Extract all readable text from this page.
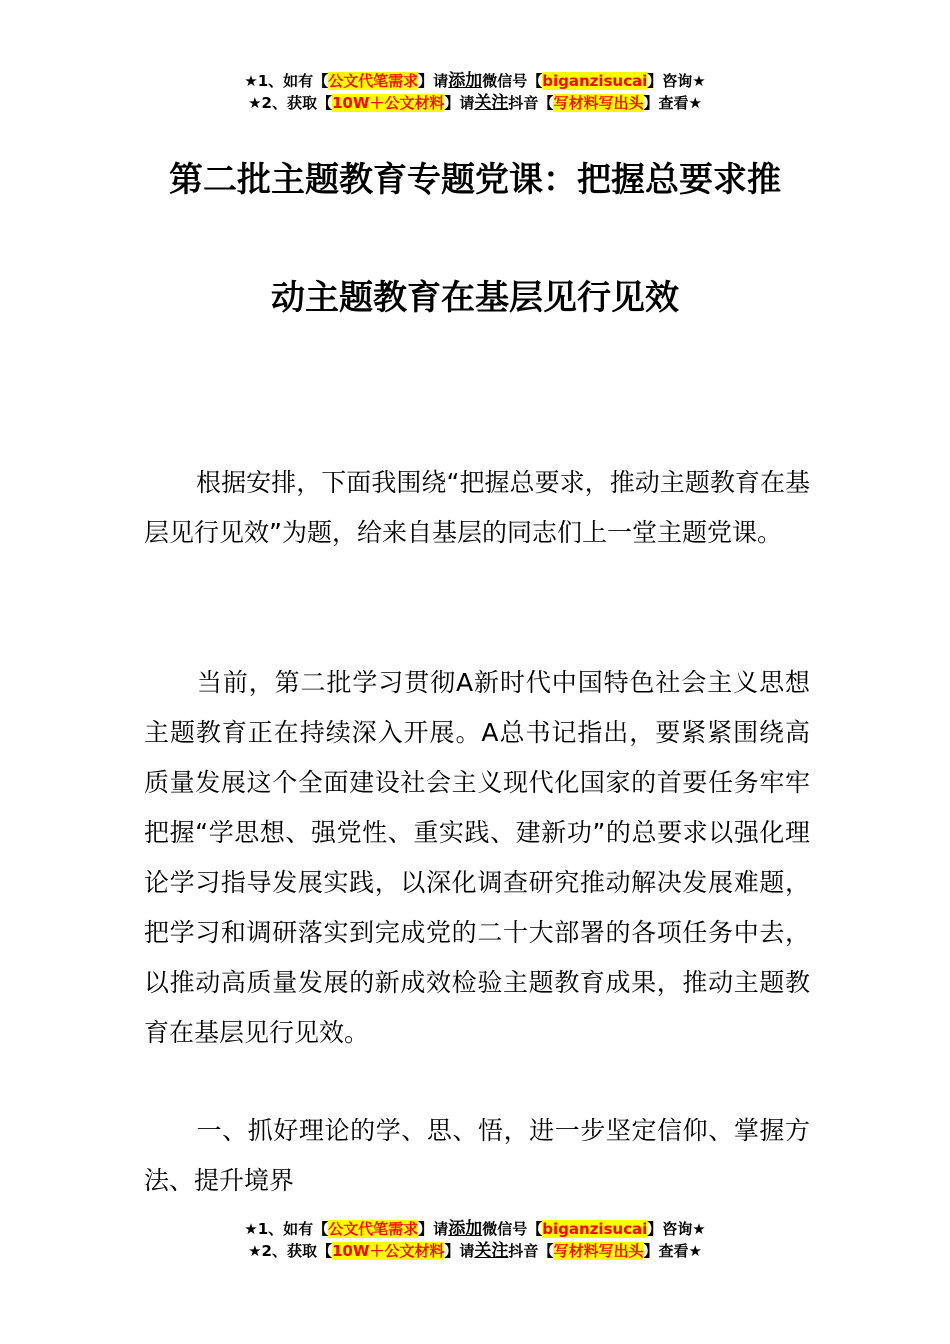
★1、如有【公文代笔需求】请添加微信号【biganzisucai】咨询★
★2、获取【10W＋公文材料】请关注抖音【写材料写出头】查看★
第二批主题教育专题党课：把握总要求推
动主题教育在基层见行见效
根据安排，下面我围绕“把握总要求，推动主题教育在基层见行见效”为题，给来自基层的同志们上一堂主题党课。
当前，第二批学习贯彻A新时代中国特色社会主义思想主题教育正在持续深入开展。A总书记指出，要紧紧围绕高质量发展这个全面建设社会主义现代化国家的首要任务牢牢把握“学思想、强党性、重实践、建新功”的总要求以强化理论学习指导发展实践，以深化调查研究推动解决发展难题，把学习和调研落实到完成党的二十大部署的各项任务中去，以推动高质量发展的新成效检验主题教育成果，推动主题教育在基层见行见效。
一、抓好理论的学、思、悟，进一步坚定信仰、掌握方法、提升境界
★1、如有【公文代笔需求】请添加微信号【biganzisucai】咨询★
★2、获取【10W＋公文材料】请关注抖音【写材料写出头】查看★
